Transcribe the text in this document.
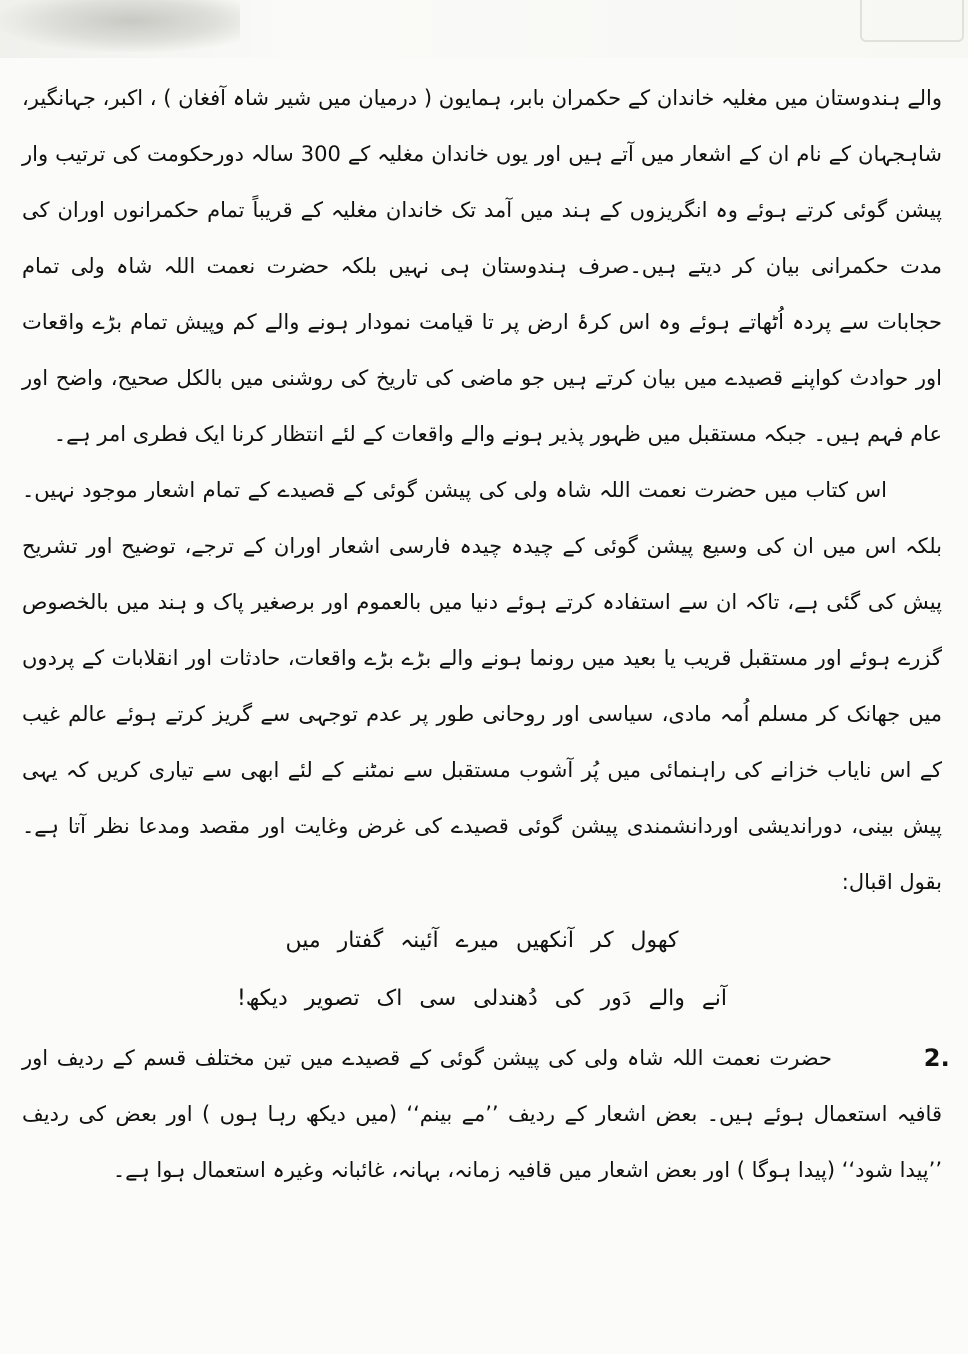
والے ہندوستان میں مغلیہ خاندان کے حکمران بابر، ہمایون ( درمیان میں شیر شاہ آفغان ) ، اکبر، جہانگیر، شاہجہان کے نام ان کے اشعار میں آتے ہیں اور یوں خاندان مغلیہ کے 300 سالہ دورحکومت کی ترتیب وار پیشن گوئی کرتے ہوئے وہ انگریزوں کے ہند میں آمد تک خاندان مغلیہ کے قریباً تمام حکمرانوں اوران کی مدت حکمرانی بیان کر دیتے ہیں۔صرف ہندوستان ہی نہیں بلکہ حضرت نعمت اللہ شاہ ولی تمام حجابات سے پردہ اُٹھاتے ہوئے وہ اس کرۂ ارض پر تا قیامت نمودار ہونے والے کم وپیش تمام بڑے واقعات اور حوادث کواپنے قصیدے میں بیان کرتے ہیں جو ماضی کی تاریخ کی روشنی میں بالکل صحیح، واضح اور عام فہم ہیں۔ جبکہ مستقبل میں ظہور پذیر ہونے والے واقعات کے لئے انتظار کرنا ایک فطری امر ہے۔

اس کتاب میں حضرت نعمت اللہ شاہ ولی کی پیشن گوئی کے قصیدے کے تمام اشعار موجود نہیں۔ بلکہ اس میں ان کی وسیع پیشن گوئی کے چیدہ چیدہ فارسی اشعار اوران کے ترجے، توضیح اور تشریح پیش کی گئی ہے، تاکہ ان سے استفادہ کرتے ہوئے دنیا میں بالعموم اور برصغیر پاک و ہند میں بالخصوص گزرے ہوئے اور مستقبل قریب یا بعید میں رونما ہونے والے بڑے بڑے واقعات، حادثات اور انقلابات کے پردوں میں جھانک کر مسلم اُمہ مادی، سیاسی اور روحانی طور پر عدم توجہی سے گریز کرتے ہوئے عالم غیب کے اس نایاب خزانے کی راہنمائی میں پُر آشوب مستقبل سے نمٹنے کے لئے ابھی سے تیاری کریں کہ یہی پیش بینی، دوراندیشی اوردانشمندی پیشن گوئی قصیدے کی غرض وغایت اور مقصد ومدعا نظر آتا ہے۔ بقول اقبال:

کھول کر آنکھیں میرے آئینہ گفتار میں

آنے والے دَور کی دُھندلی سی اک تصویر دیکھ!

2.
حضرت نعمت اللہ شاہ ولی کی پیشن گوئی کے قصیدے میں تین مختلف قسم کے ردیف اور قافیہ استعمال ہوئے ہیں۔ بعض اشعار کے ردیف ’’مے بینم‘‘ (میں دیکھ رہا ہوں ) اور بعض کی ردیف ’’پیدا شود‘‘ (پیدا ہوگا ) اور بعض اشعار میں قافیہ زمانہ، بہانہ، غائبانہ وغیرہ استعمال ہوا ہے۔
